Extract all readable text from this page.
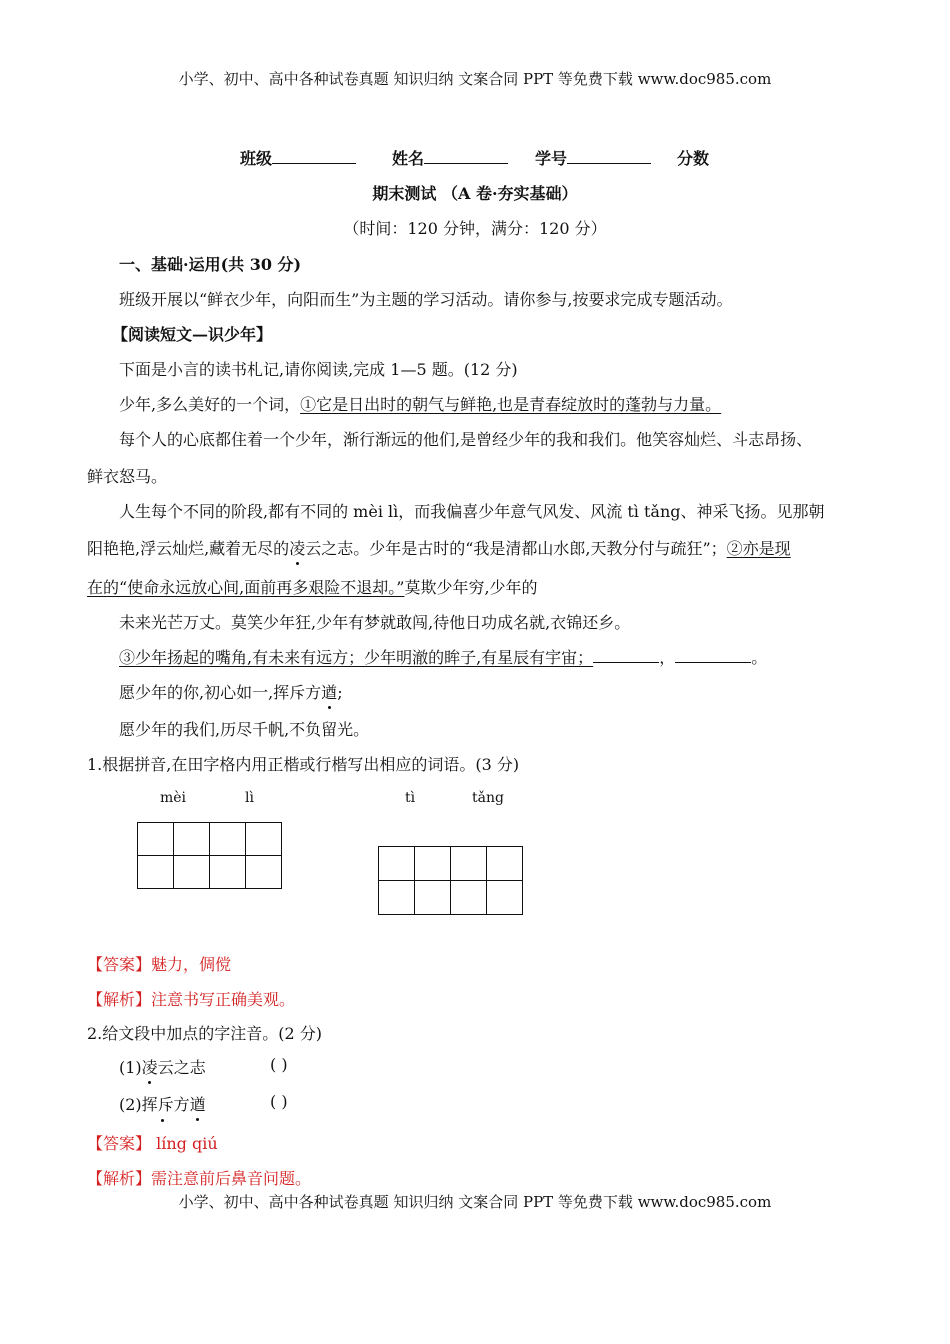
小学、初中、高中各种试卷真题 知识归纳 文案合同 PPT 等免费下载 www.doc985.com
班级	姓名	学号	分数
期末测试 （A 卷·夯实基础）
（时间：120 分钟，满分：120 分）
一、基础·运用(共 30 分)
班级开展以“鲜衣少年，向阳而生”为主题的学习活动。请你参与,按要求完成专题活动。
【阅读短文—识少年】
下面是小言的读书札记,请你阅读,完成 1—5 题。(12 分)
少年,多么美好的一个词，①它是日出时的朝气与鲜艳,也是青春绽放时的蓬勃与力量。
每个人的心底都住着一个少年，渐行渐远的他们,是曾经少年的我和我们。他笑容灿烂、斗志昂扬、
鲜衣怒马。
人生每个不同的阶段,都有不同的 mèi lì，而我偏喜少年意气风发、风流 tì tǎng、神采飞扬。见那朝
阳艳艳,浮云灿烂,藏着无尽的凌云之志。少年是古时的“我是清都山水郎,天教分付与疏狂”；②亦是现
在的“使命永远放心间,面前再多艰险不退却。”莫欺少年穷,少年的
未来光芒万丈。莫笑少年狂,少年有梦就敢闯,待他日功成名就,衣锦还乡。
③少年扬起的嘴角,有未来有远方；少年明澈的眸子,有星辰有宇宙；	，	。
愿少年的你,初心如一,挥斥方遒;
愿少年的我们,历尽千帆,不负留光。
1.根据拼音,在田字格内用正楷或行楷写出相应的词语。(3 分)
mèi	lì	tì	tǎng
【答案】魅力，倜傥
【解析】注意书写正确美观。
2.给文段中加点的字注音。(2 分)
(1)凌云之志	( )
(2)挥斥方遒	( )
【答案】 líng qiú
【解析】需注意前后鼻音问题。
小学、初中、高中各种试卷真题 知识归纳 文案合同 PPT 等免费下载 www.doc985.com
